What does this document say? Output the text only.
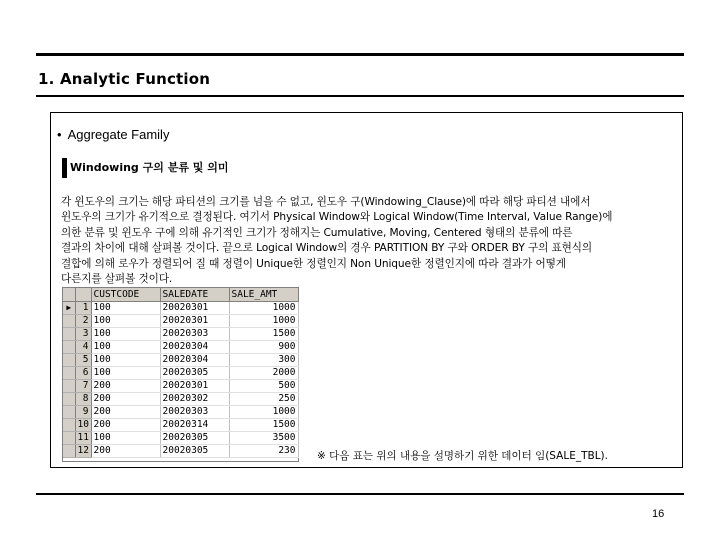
1. Analytic Function
• Aggregate Family
Windowing 구의 분류 및 의미
각 윈도우의 크기는 해당 파티션의 크기를 넘을 수 없고, 윈도우 구(Windowing_Clause)에 따라 해당 파티션 내에서
윈도우의 크기가 유기적으로 결정된다. 여기서 Physical Window와 Logical Window(Time Interval, Value Range)에
의한 분류 및 윈도우 구에 의해 유기적인 크기가 정해지는 Cumulative, Moving, Centered 형태의 분류에 따른
결과의 차이에 대해 살펴볼 것이다. 끝으로 Logical Window의 경우 PARTITION BY 구와 ORDER BY 구의 표현식의
결합에 의해 로우가 정렬되어 질 때 정렬이 Unique한 정렬인지 Non Unique한 정렬인지에 따라 결과가 어떻게
다른지를 살펴볼 것이다.
		CUSTCODE	SALEDATE	SALE_AMT
▶	1	100	20020301	1000
	2	100	20020301	1000
	3	100	20020303	1500
	4	100	20020304	900
	5	100	20020304	300
	6	100	20020305	2000
	7	200	20020301	500
	8	200	20020302	250
	9	200	20020303	1000
	10	200	20020314	1500
	11	100	20020305	3500
	12	200	20020305	230 ※ 다음 표는 위의 내용을 설명하기 위한 데이터 임(SALE_TBL).
16
